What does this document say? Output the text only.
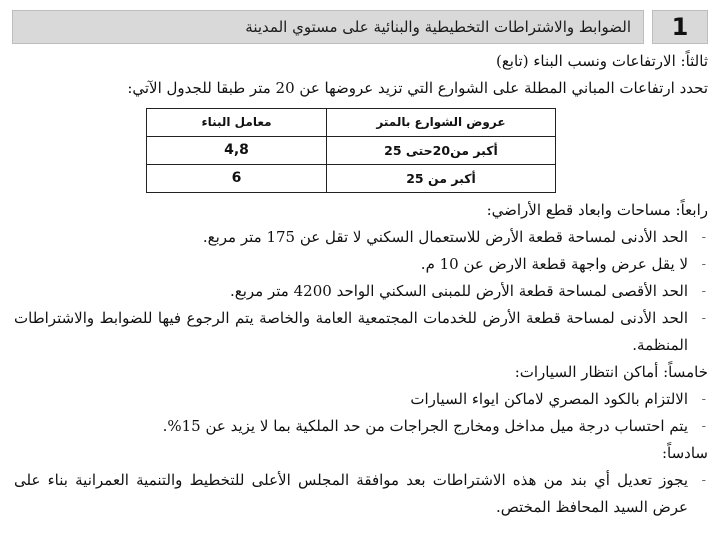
1
الضوابط والاشتراطات التخطيطية والبنائية على مستوي المدينة

ثالثاً: الارتفاعات ونسب البناء (تابع)

تحدد ارتفاعات المباني المطلة على الشوارع التي تزيد عروضها عن 20 متر طبقا للجدول الآتي:

عروض الشوارع بالمتر	معامل البناء
أكبر من20حتى 25	4,8
أكبر من 25	6

رابعاً: مساحات وابعاد قطع الأراضي:

-
الحد الأدنى لمساحة قطعة الأرض للاستعمال السكني لا تقل عن 175 متر مربع.

-
لا يقل عرض واجهة قطعة الارض عن 10 م.

-
الحد الأقصى لمساحة قطعة الأرض للمبنى السكني الواحد 4200 متر مربع.

-
الحد الأدنى لمساحة قطعة الأرض للخدمات المجتمعية العامة والخاصة يتم الرجوع فيها للضوابط والاشتراطات المنظمة.

خامساً: أماكن انتظار السيارات:

-
الالتزام بالكود المصري لاماكن ايواء السيارات

-
يتم احتساب درجة ميل مداخل ومخارج الجراجات من حد الملكية بما لا يزيد عن 15%.

سادساً:

-
يجوز تعديل أي بند من هذه الاشتراطات بعد موافقة المجلس الأعلى للتخطيط والتنمية العمرانية بناء على عرض السيد المحافظ المختص.
